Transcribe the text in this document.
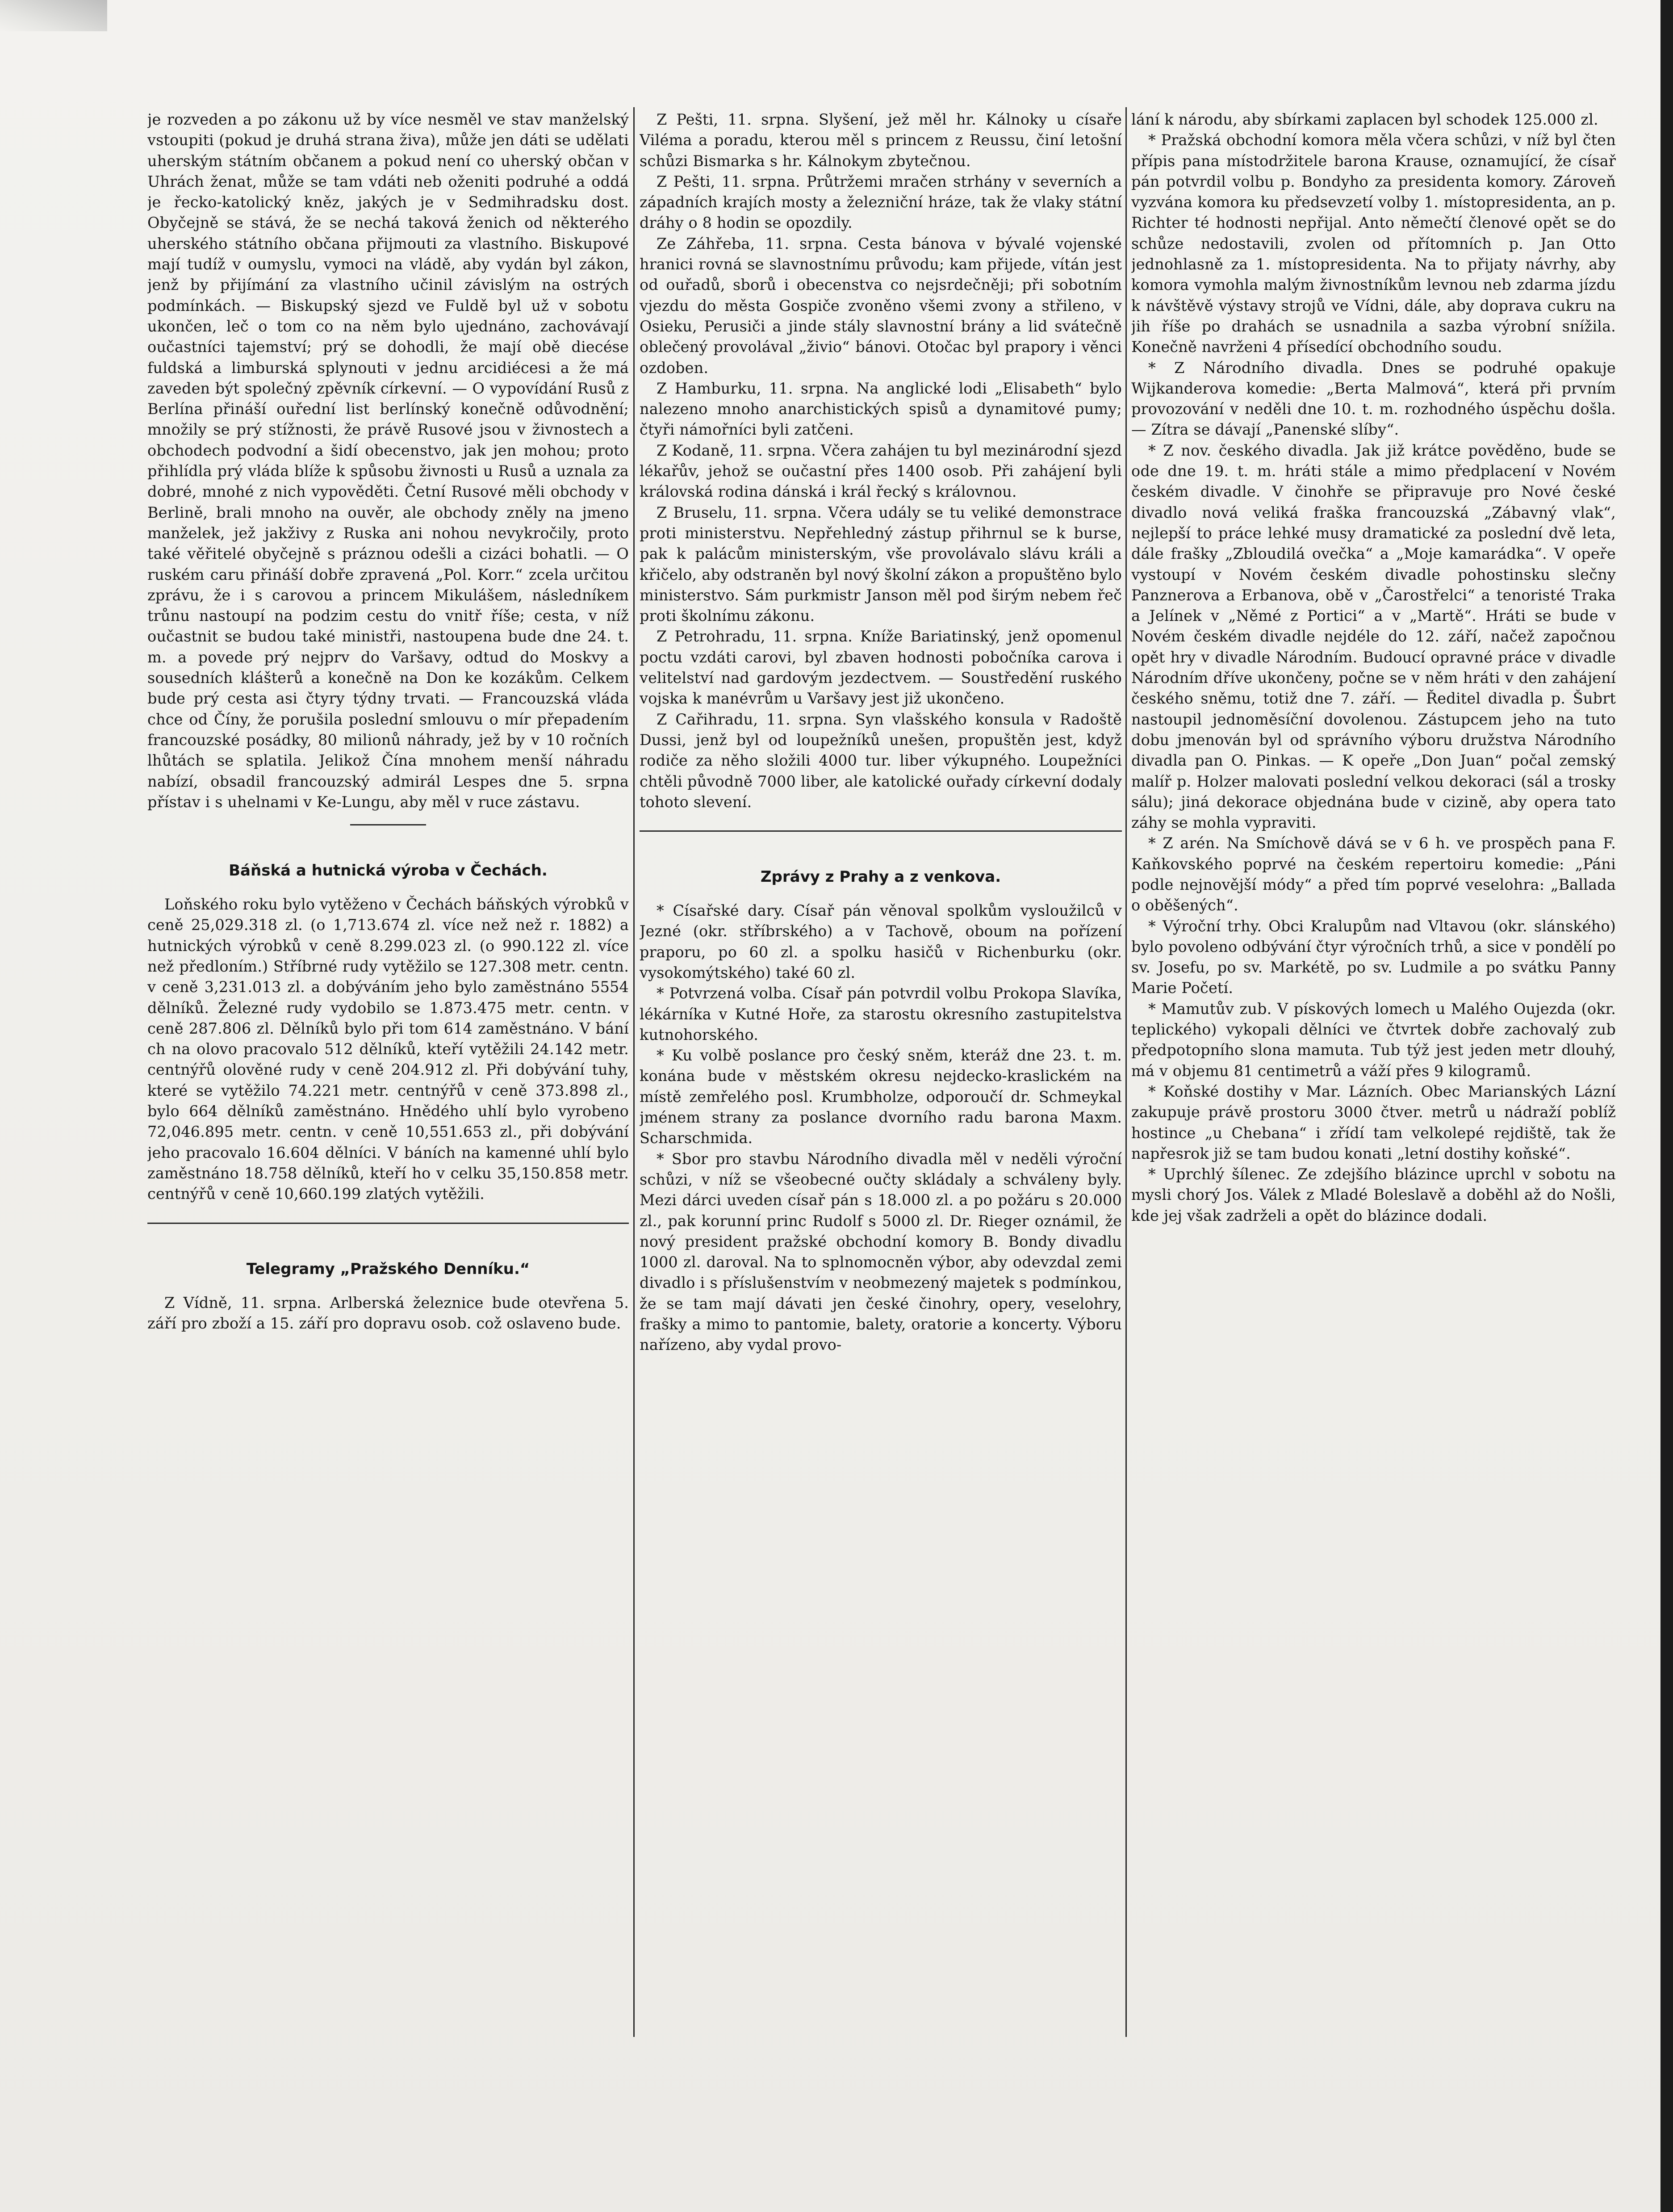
je rozveden a po zákonu už by více nesměl ve stav manželský vstoupiti (pokud je druhá strana živa), může jen dáti se udělati uherským státním občanem a pokud není co uherský občan v Uhrách ženat, může se tam vdáti neb oženiti podruhé a oddá je řecko-katolický kněz, jakých je v Sedmihradsku dost. Obyčejně se stává, že se nechá taková ženich od některého uherského státního občana přijmouti za vlastního. Biskupové mají tudíž v oumyslu, vymoci na vládě, aby vydán byl zákon, jenž by přijímání za vlastního učinil závislým na ostrých podmínkách. — Biskupský sjezd ve Fuldě byl už v sobotu ukončen, leč o tom co na něm bylo ujednáno, zachovávají oučastníci tajemství; prý se dohodli, že mají obě diecése fuldská a limburská splynouti v jednu arcidiécesi a že má zaveden být společný zpěvník církevní. — O vypovídání Rusů z Berlína přináší ouřední list berlínský konečně odůvodnění; množily se prý stížnosti, že právě Rusové jsou v živnostech a obchodech podvodní a šidí obecenstvo, jak jen mohou; proto přihlídla prý vláda blíže k spůsobu živnosti u Rusů a uznala za dobré, mnohé z nich vypověděti. Četní Rusové měli obchody v Berlině, brali mnoho na ouvěr, ale obchody zněly na jmeno manželek, jež jakživy z Ruska ani nohou nevykročily, proto také věřitelé obyčejně s práznou odešli a cizáci bohatli. — O ruském caru přináší dobře zpravená „Pol. Korr.“ zcela určitou zprávu, že i s carovou a princem Mikulášem, následníkem trůnu nastoupí na podzim cestu do vnitř říše; cesta, v níž oučastnit se budou také ministři, nastoupena bude dne 24. t. m. a povede prý nejprv do Varšavy, odtud do Moskvy a sousedních klášterů a konečně na Don ke kozákům. Celkem bude prý cesta asi čtyry týdny trvati. — Francouzská vláda chce od Číny, že porušila poslední smlouvu o mír přepadením francouzské posádky, 80 milionů náhrady, jež by v 10 ročních lhůtách se splatila. Jelikož Čína mnohem menší náhradu nabízí, obsadil francouzský admirál Lespes dne 5. srpna přístav i s uhelnami v Ke-Lungu, aby měl v ruce zástavu.

Báňská a hutnická výroba v Čechách.

Loňského roku bylo vytěženo v Čechách báňských výrobků v ceně 25,029.318 zl. (o 1,713.674 zl. více než než r. 1882) a hutnických výrobků v ceně 8.299.023 zl. (o 990.122 zl. více než předloním.) Stříbrné rudy vytěžilo se 127.308 metr. centn. v ceně 3,231.013 zl. a dobýváním jeho bylo zaměstnáno 5554 dělníků. Železné rudy vydobilo se 1.873.475 metr. centn. v ceně 287.806 zl. Dělníků bylo při tom 614 zaměstnáno. V bání ch na olovo pracovalo 512 dělníků, kteří vytěžili 24.142 metr. centnýřů olověné rudy v ceně 204.912 zl. Při dobývání tuhy, které se vytěžilo 74.221 metr. centnýřů v ceně 373.898 zl., bylo 664 dělníků zaměstnáno. Hnědého uhlí bylo vyrobeno 72,046.895 metr. centn. v ceně 10,551.653 zl., při dobývání jeho pracovalo 16.604 dělníci. V báních na kamenné uhlí bylo zaměstnáno 18.758 dělníků, kteří ho v celku 35,150.858 metr. centnýřů v ceně 10,660.199 zlatých vytěžili.

Telegramy „Pražského Denníku.“

Z Vídně, 11. srpna. Arlberská železnice bude otevřena 5. září pro zboží a 15. září pro dopravu osob. což oslaveno bude.

Z Pešti, 11. srpna. Slyšení, jež měl hr. Kálnoky u císaře Viléma a poradu, kterou měl s princem z Reussu, činí letošní schůzi Bismarka s hr. Kálnokym zbytečnou.

Z Pešti, 11. srpna. Průtržemi mračen strhány v severních a západních krajích mosty a železniční hráze, tak že vlaky státní dráhy o 8 hodin se opozdily.

Ze Záhřeba, 11. srpna. Cesta bánova v bývalé vojenské hranici rovná se slavnostnímu průvodu; kam přijede, vítán jest od ouřadů, sborů i obecenstva co nejsrdečněji; při sobotním vjezdu do města Gospiče zvoněno všemi zvony a střileno, v Osieku, Perusiči a jinde stály slavnostní brány a lid svátečně oblečený provolával „živio“ bánovi. Otočac byl prapory i věnci ozdoben.

Z Hamburku, 11. srpna. Na anglické lodi „Elisabeth“ bylo nalezeno mnoho anarchistických spisů a dynamitové pumy; čtyři námořníci byli zatčeni.

Z Kodaně, 11. srpna. Včera zahájen tu byl mezinárodní sjezd lékařův, jehož se oučastní přes 1400 osob. Při zahájení byli královská rodina dánská i král řecký s královnou.

Z Bruselu, 11. srpna. Včera udály se tu veliké demonstrace proti ministerstvu. Nepřehledný zástup přihrnul se k burse, pak k palácům ministerským, vše provolávalo slávu králi a křičelo, aby odstraněn byl nový školní zákon a propuštěno bylo ministerstvo. Sám purkmistr Janson měl pod širým nebem řeč proti školnímu zákonu.

Z Petrohradu, 11. srpna. Kníže Bariatinský, jenž opomenul poctu vzdáti carovi, byl zbaven hodnosti pobočníka carova i velitelství nad gardovým jezdectvem. — Soustředění ruského vojska k manévrům u Varšavy jest již ukončeno.

Z Cařihradu, 11. srpna. Syn vlašského konsula v Radoště Dussi, jenž byl od loupežníků unešen, propuštěn jest, když rodiče za něho složili 4000 tur. liber výkupného. Loupežníci chtěli původně 7000 liber, ale katolické ouřady církevní dodaly tohoto slevení.

Zprávy z Prahy a z venkova.

* Císařské dary. Císař pán věnoval spolkům vysloužilců v Jezné (okr. stříbrského) a v Tachově, oboum na pořízení praporu, po 60 zl. a spolku hasičů v Richenburku (okr. vysokomýtského) také 60 zl.

* Potvrzená volba. Císař pán potvrdil volbu Prokopa Slavíka, lékárníka v Kutné Hoře, za starostu okresního zastupitelstva kutnohorského.

* Ku volbě poslance pro český sněm, kteráž dne 23. t. m. konána bude v městském okresu nejdecko-kraslickém na místě zemřelého posl. Krumbholze, odporoučí dr. Schmeykal jménem strany za poslance dvorního radu barona Maxm. Scharschmida.

* Sbor pro stavbu Národního divadla měl v neděli výroční schůzi, v níž se všeobecné oučty skládaly a schváleny byly. Mezi dárci uveden císař pán s 18.000 zl. a po požáru s 20.000 zl., pak korunní princ Rudolf s 5000 zl. Dr. Rieger oznámil, že nový president pražské obchodní komory B. Bondy divadlu 1000 zl. daroval. Na to splnomocněn výbor, aby odevzdal zemi divadlo i s příslušenstvím v neobmezený majetek s podmínkou, že se tam mají dávati jen české činohry, opery, veselohry, frašky a mimo to pantomie, balety, oratorie a koncerty. Výboru nařízeno, aby vydal provo-

lání k národu, aby sbírkami zaplacen byl schodek 125.000 zl.

* Pražská obchodní komora měla včera schůzi, v níž byl čten přípis pana místodržitele barona Krause, oznamující, že císař pán potvrdil volbu p. Bondyho za presidenta komory. Zároveň vyzvána komora ku předsevzetí volby 1. místopresidenta, an p. Richter té hodnosti nepřijal. Anto němečtí členové opět se do schůze nedostavili, zvolen od přítomních p. Jan Otto jednohlasně za 1. místopresidenta. Na to přijaty návrhy, aby komora vymohla malým živnostníkům levnou neb zdarma jízdu k návštěvě výstavy strojů ve Vídni, dále, aby doprava cukru na jih říše po drahách se usnadnila a sazba výrobní snížila. Konečně navrženi 4 přísedící obchodního soudu.

* Z Národního divadla. Dnes se podruhé opakuje Wijkanderova komedie: „Berta Malmová“, která při prvním provozování v neděli dne 10. t. m. rozhodného úspěchu došla. — Zítra se dávají „Panenské slíby“.

* Z nov. českého divadla. Jak již krátce pověděno, bude se ode dne 19. t. m. hráti stále a mimo předplacení v Novém českém divadle. V činohře se připravuje pro Nové české divadlo nová veliká fraška francouzská „Zábavný vlak“, nejlepší to práce lehké musy dramatické za poslední dvě leta, dále frašky „Zbloudilá ovečka“ a „Moje kamarádka“. V opeře vystoupí v Novém českém divadle pohostinsku slečny Panznerova a Erbanova, obě v „Čarostřelci“ a tenoristé Traka a Jelínek v „Němé z Portici“ a v „Martě“. Hráti se bude v Novém českém divadle nejdéle do 12. září, načež započnou opět hry v divadle Národním. Budoucí opravné práce v divadle Národním dříve ukončeny, počne se v něm hráti v den zahájení českého sněmu, totiž dne 7. září. — Ředitel divadla p. Šubrt nastoupil jednoměsíční dovolenou. Zástupcem jeho na tuto dobu jmenován byl od správního výboru družstva Národního divadla pan O. Pinkas. — K opeře „Don Juan“ počal zemský malíř p. Holzer malovati poslední velkou dekoraci (sál a trosky sálu); jiná dekorace objednána bude v cizině, aby opera tato záhy se mohla vypraviti.

* Z arén. Na Smíchově dává se v 6 h. ve prospěch pana F. Kaňkovského poprvé na českém repertoiru komedie: „Páni podle nejnovější módy“ a před tím poprvé veselohra: „Ballada o oběšených“.

* Výroční trhy. Obci Kralupům nad Vltavou (okr. slánského) bylo povoleno odbývání čtyr výročních trhů, a sice v pondělí po sv. Josefu, po sv. Markétě, po sv. Ludmile a po svátku Panny Marie Početí.

* Mamutův zub. V pískových lomech u Malého Oujezda (okr. teplického) vykopali dělníci ve čtvrtek dobře zachovalý zub předpotopního slona mamuta. Tub týž jest jeden metr dlouhý, má v objemu 81 centimetrů a váží přes 9 kilogramů.

* Koňské dostihy v Mar. Lázních. Obec Marianských Lázní zakupuje právě prostoru 3000 čtver. metrů u nádraží poblíž hostince „u Chebana“ i zřídí tam velkolepé rejdiště, tak že napřesrok již se tam budou konati „letní dostihy koňské“.

* Uprchlý šílenec. Ze zdejšího blázince uprchl v sobotu na mysli chorý Jos. Válek z Mladé Boleslavě a doběhl až do Nošli, kde jej však zadrželi a opět do blázince dodali.
